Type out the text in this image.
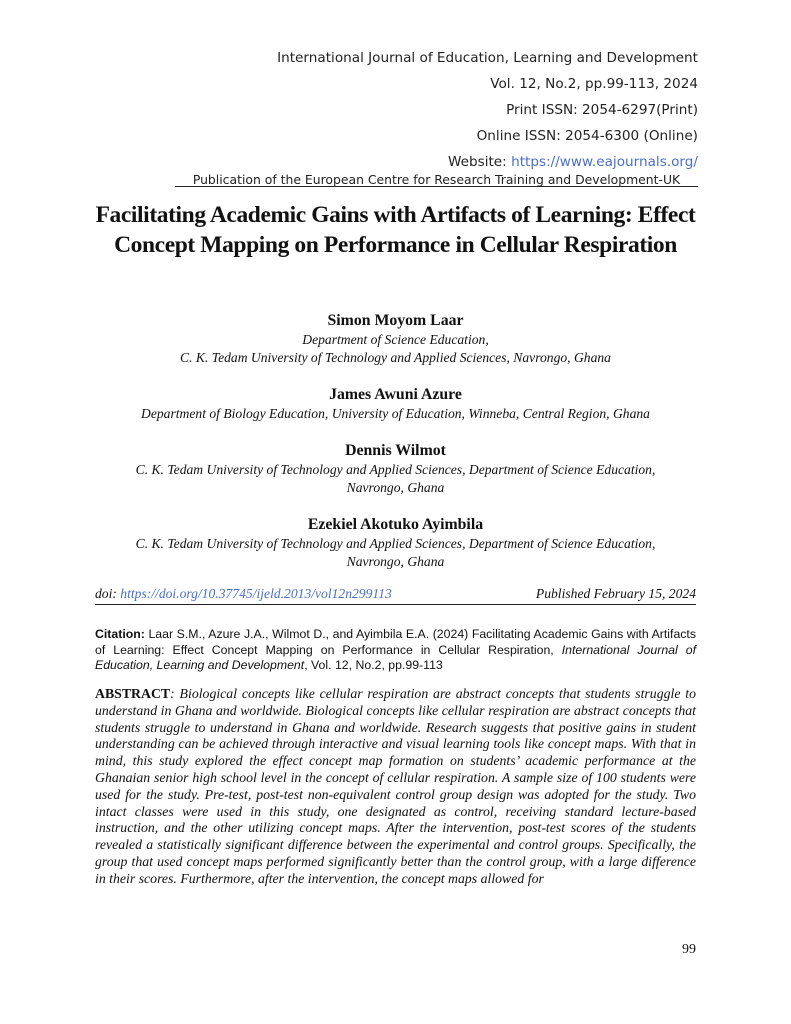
International Journal of Education, Learning and Development
Vol. 12, No.2, pp.99-113, 2024
Print ISSN: 2054-6297(Print)
Online ISSN: 2054-6300 (Online)
Website: https://www.eajournals.org/
Publication of the European Centre for Research Training and Development-UK
Facilitating Academic Gains with Artifacts of Learning: Effect Concept Mapping on Performance in Cellular Respiration
Simon Moyom Laar
Department of Science Education,
C. K. Tedam University of Technology and Applied Sciences, Navrongo, Ghana
James Awuni Azure
Department of Biology Education, University of Education, Winneba, Central Region, Ghana
Dennis Wilmot
C. K. Tedam University of Technology and Applied Sciences, Department of Science Education,
Navrongo, Ghana
Ezekiel Akotuko Ayimbila
C. K. Tedam University of Technology and Applied Sciences, Department of Science Education,
Navrongo, Ghana
doi: https://doi.org/10.37745/ijeld.2013/vol12n299113	Published February 15, 2024
Citation: Laar S.M., Azure J.A., Wilmot D., and Ayimbila E.A. (2024) Facilitating Academic Gains with Artifacts of Learning: Effect Concept Mapping on Performance in Cellular Respiration, International Journal of Education, Learning and Development, Vol. 12, No.2, pp.99-113
ABSTRACT: Biological concepts like cellular respiration are abstract concepts that students struggle to understand in Ghana and worldwide. Biological concepts like cellular respiration are abstract concepts that students struggle to understand in Ghana and worldwide. Research suggests that positive gains in student understanding can be achieved through interactive and visual learning tools like concept maps. With that in mind, this study explored the effect concept map formation on students’ academic performance at the Ghanaian senior high school level in the concept of cellular respiration. A sample size of 100 students were used for the study. Pre-test, post-test non-equivalent control group design was adopted for the study. Two intact classes were used in this study, one designated as control, receiving standard lecture-based instruction, and the other utilizing concept maps. After the intervention, post-test scores of the students revealed a statistically significant difference between the experimental and control groups. Specifically, the group that used concept maps performed significantly better than the control group, with a large difference in their scores. Furthermore, after the intervention, the concept maps allowed for
99
